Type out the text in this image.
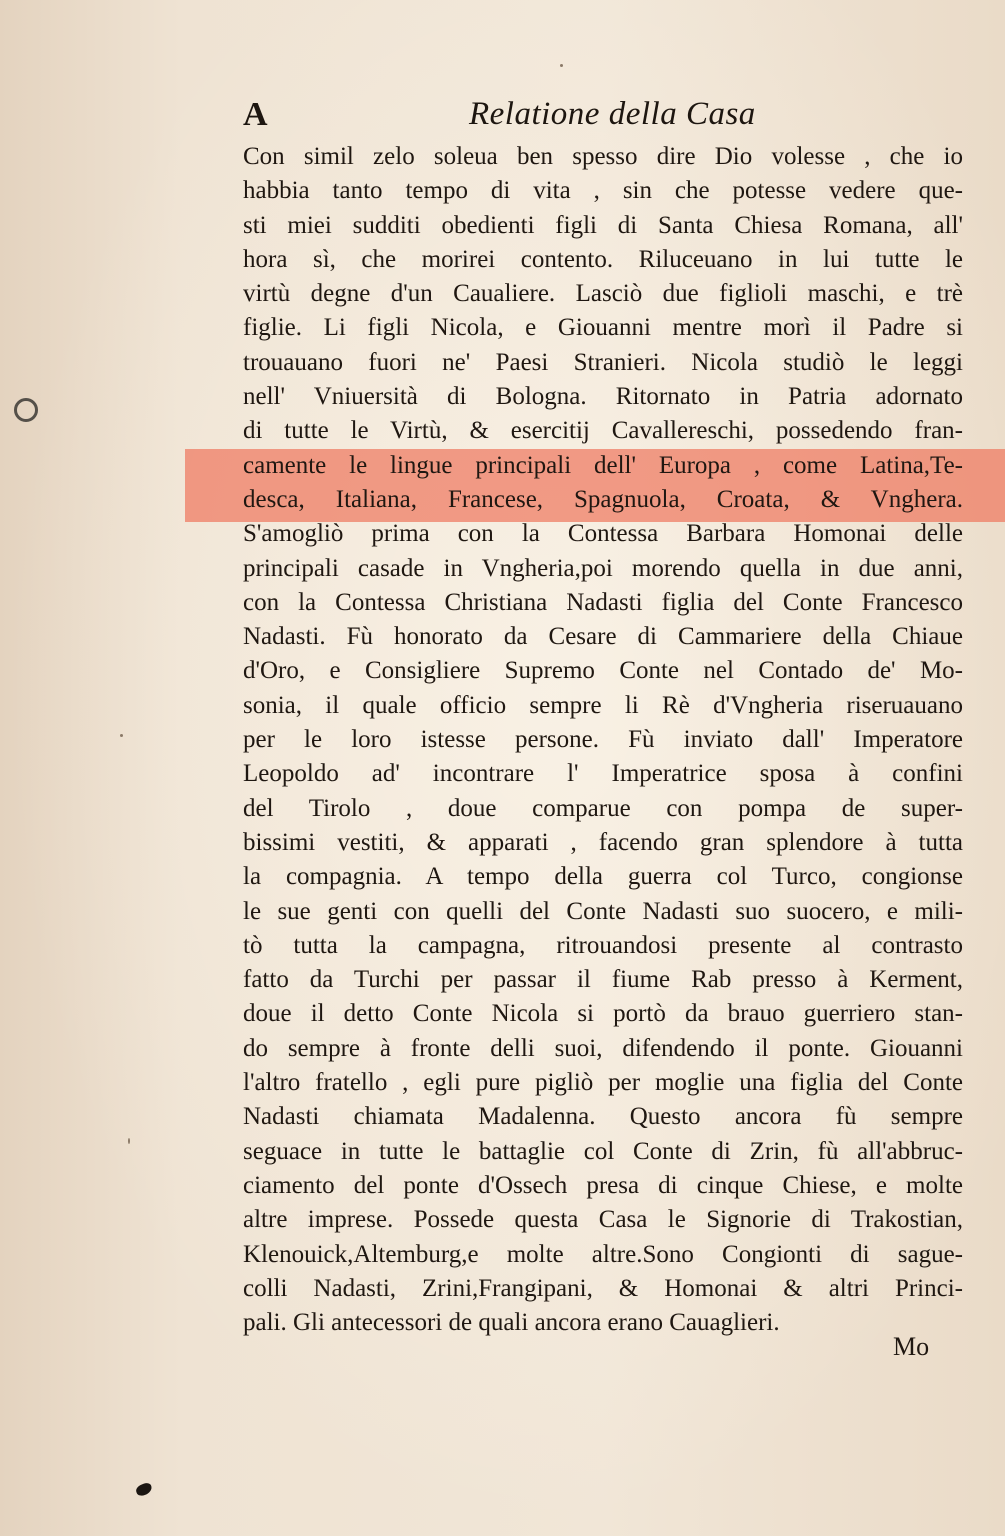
A	Relatione della Casa
Con simil zelo soleua ben spesso dire Dio volesse , che io
habbia tanto tempo di vita , sin che potesse vedere que-
sti miei sudditi obedienti figli di Santa Chiesa Romana, all'
hora sì, che morirei contento. Riluceuano in lui tutte le
virtù degne d'un Caualiere. Lasciò due figlioli maschi, e trè
figlie. Li figli Nicola, e Giouanni mentre morì il Padre si
trouauano fuori ne' Paesi Stranieri. Nicola studiò le leggi
nell' Vniuersità di Bologna. Ritornato in Patria adornato
di tutte le Virtù, & esercitij Cavallereschi, possedendo fran-
camente le lingue principali dell' Europa , come Latina,Te-
desca, Italiana, Francese, Spagnuola, Croata, & Vnghera.
S'amogliò prima con la Contessa Barbara Homonai delle
principali casade in Vngheria,poi morendo quella in due anni,
con la Contessa Christiana Nadasti figlia del Conte Francesco
Nadasti. Fù honorato da Cesare di Cammariere della Chiaue
d'Oro, e Consigliere Supremo Conte nel Contado de' Mo-
sonia, il quale officio sempre li Rè d'Vngheria riseruauano
per le loro istesse persone. Fù inviato dall' Imperatore
Leopoldo ad' incontrare l' Imperatrice sposa à confini
del Tirolo , doue comparue con pompa de super-
bissimi vestiti, & apparati , facendo gran splendore à tutta
la compagnia. A tempo della guerra col Turco, congionse
le sue genti con quelli del Conte Nadasti suo suocero, e mili-
tò tutta la campagna, ritrouandosi presente al contrasto
fatto da Turchi per passar il fiume Rab presso à Kerment,
doue il detto Conte Nicola si portò da brauo guerriero stan-
do sempre à fronte delli suoi, difendendo il ponte. Giouanni
l'altro fratello , egli pure pigliò per moglie una figlia del Conte
Nadasti chiamata Madalenna. Questo ancora fù sempre
seguace in tutte le battaglie col Conte di Zrin, fù all'abbruc-
ciamento del ponte d'Ossech presa di cinque Chiese, e molte
altre imprese. Possede questa Casa le Signorie di Trakostian,
Klenouick,Altemburg,e molte altre.Sono Congionti di sague-
colli Nadasti, Zrini,Frangipani, & Homonai & altri Princi-
pali. Gli antecessori de quali ancora erano Cauaglieri.
Mo
